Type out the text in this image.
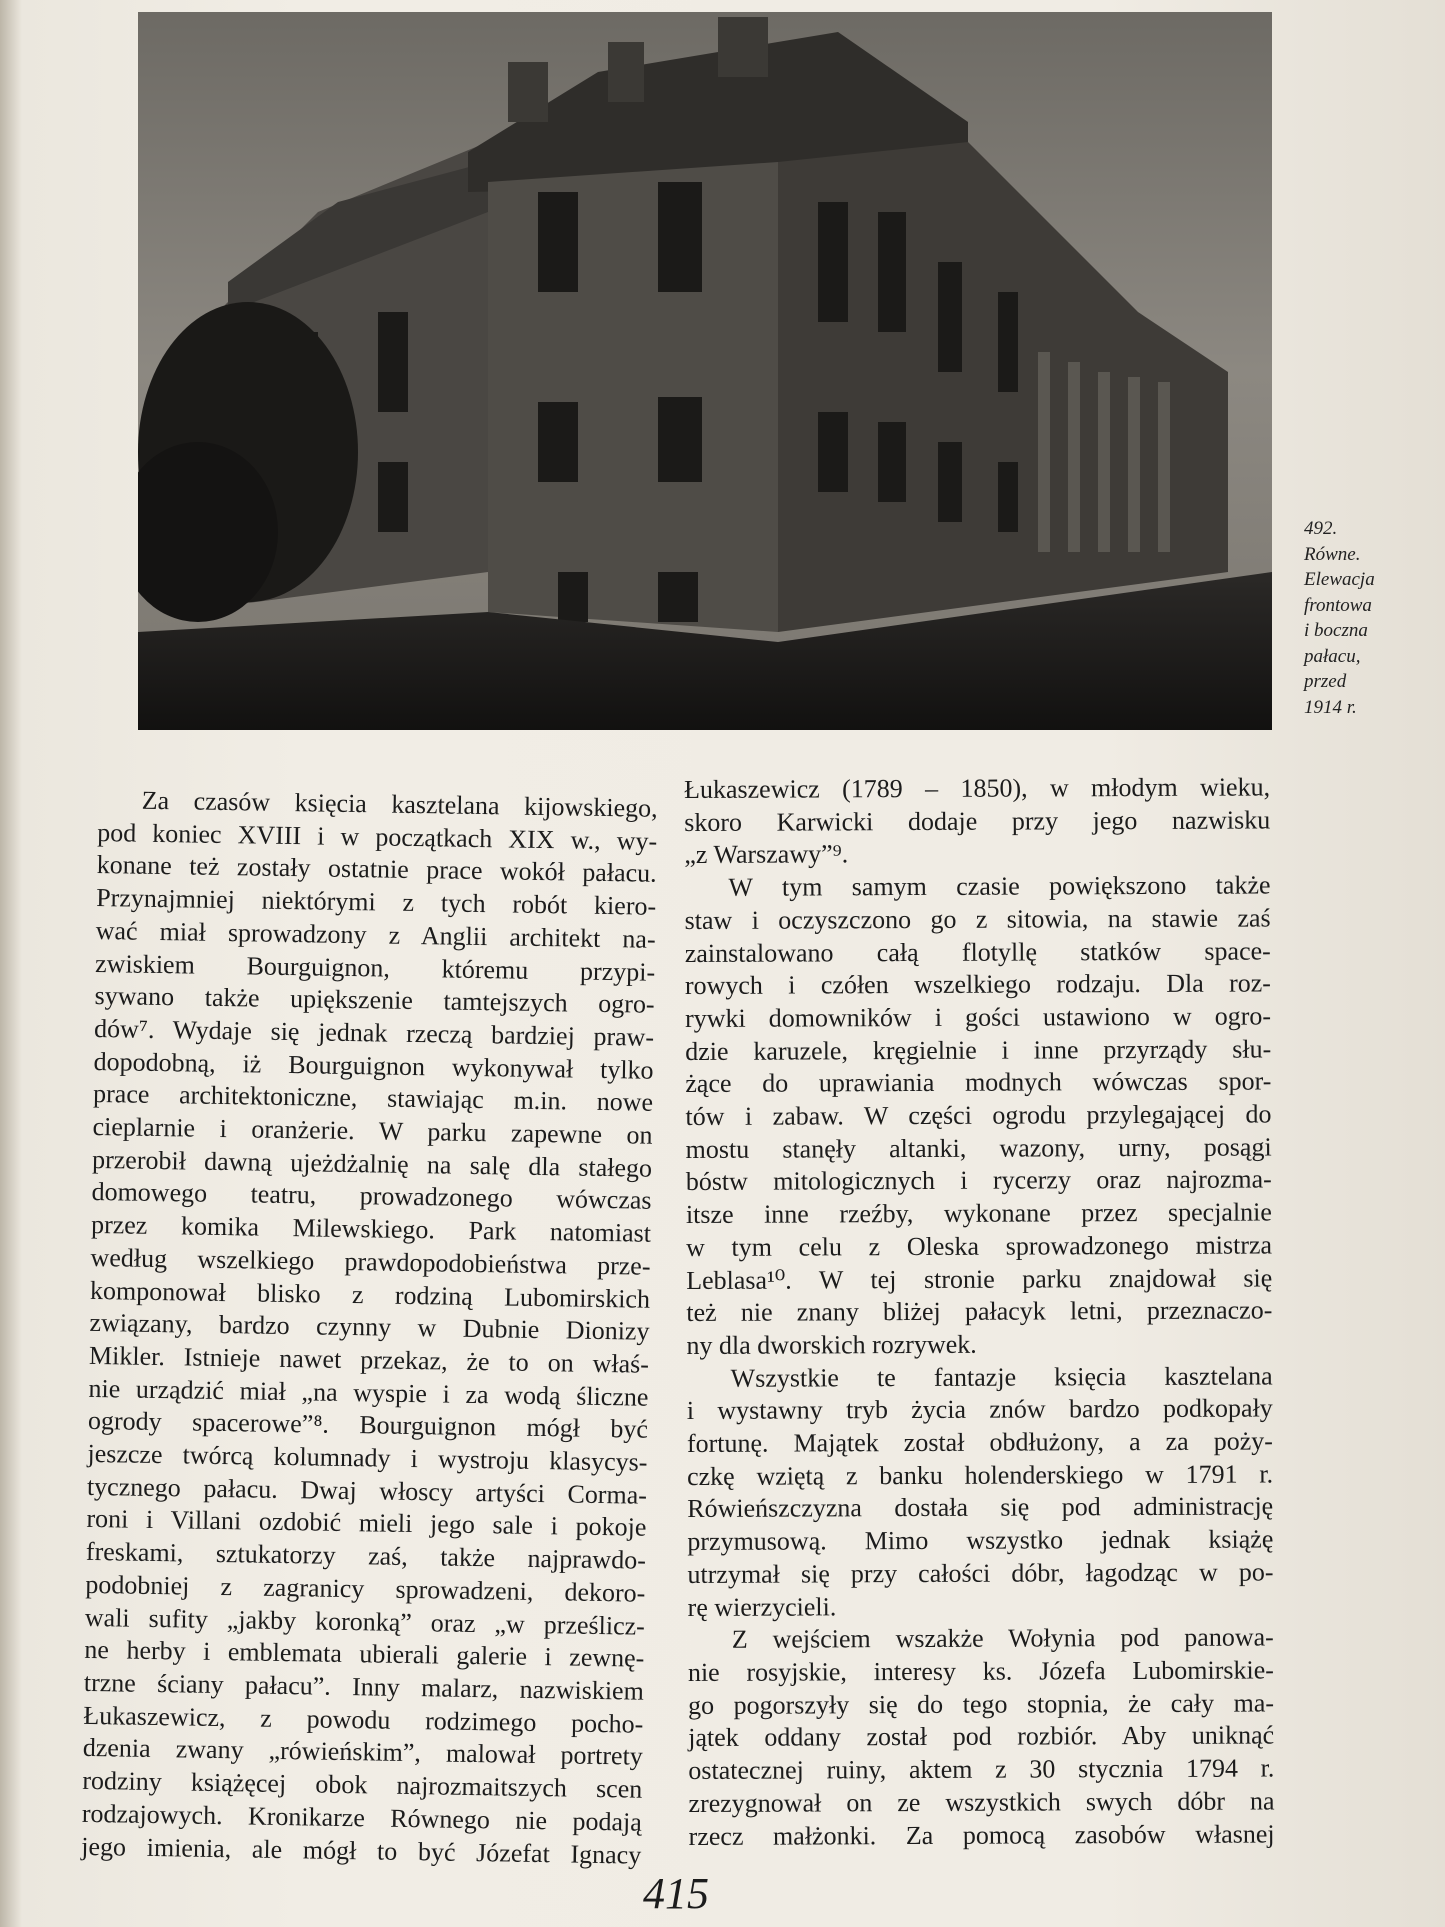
492.
Równe.
Elewacja
frontowa
i boczna
pałacu,
przed
1914 r.
Za czasów księcia kasztelana kijowskiego,
pod koniec XVIII i w początkach XIX w., wy-
konane też zostały ostatnie prace wokół pałacu.
Przynajmniej niektórymi z tych robót kiero-
wać miał sprowadzony z Anglii architekt na-
zwiskiem Bourguignon, któremu przypi-
sywano także upiększenie tamtejszych ogro-
dów⁷. Wydaje się jednak rzeczą bardziej praw-
dopodobną, iż Bourguignon wykonywał tylko
prace architektoniczne, stawiając m.in. nowe
cieplarnie i oranżerie. W parku zapewne on
przerobił dawną ujeżdżalnię na salę dla stałego
domowego teatru, prowadzonego wówczas
przez komika Milewskiego. Park natomiast
według wszelkiego prawdopodobieństwa prze-
komponował blisko z rodziną Lubomirskich
związany, bardzo czynny w Dubnie Dionizy
Mikler. Istnieje nawet przekaz, że to on właś-
nie urządzić miał „na wyspie i za wodą śliczne
ogrody spacerowe”⁸. Bourguignon mógł być
jeszcze twórcą kolumnady i wystroju klasycys-
tycznego pałacu. Dwaj włoscy artyści Corma-
roni i Villani ozdobić mieli jego sale i pokoje
freskami, sztukatorzy zaś, także najprawdo-
podobniej z zagranicy sprowadzeni, dekoro-
wali sufity „jakby koronką” oraz „w prześlicz-
ne herby i emblemata ubierali galerie i zewnę-
trzne ściany pałacu”. Inny malarz, nazwiskiem
Łukaszewicz, z powodu rodzimego pocho-
dzenia zwany „rówieńskim”, malował portrety
rodziny książęcej obok najrozmaitszych scen
rodzajowych. Kronikarze Równego nie podają
jego imienia, ale mógł to być Józefat Ignacy
Łukaszewicz (1789 – 1850), w młodym wieku,
skoro Karwicki dodaje przy jego nazwisku
„z Warszawy”⁹.
W tym samym czasie powiększono także
staw i oczyszczono go z sitowia, na stawie zaś
zainstalowano całą flotyllę statków space-
rowych i czółen wszelkiego rodzaju. Dla roz-
rywki domowników i gości ustawiono w ogro-
dzie karuzele, kręgielnie i inne przyrządy słu-
żące do uprawiania modnych wówczas spor-
tów i zabaw. W części ogrodu przylegającej do
mostu stanęły altanki, wazony, urny, posągi
bóstw mitologicznych i rycerzy oraz najrozma-
itsze inne rzeźby, wykonane przez specjalnie
w tym celu z Oleska sprowadzonego mistrza
Leblasa¹⁰. W tej stronie parku znajdował się
też nie znany bliżej pałacyk letni, przeznaczo-
ny dla dworskich rozrywek.
Wszystkie te fantazje księcia kasztelana
i wystawny tryb życia znów bardzo podkopały
fortunę. Majątek został obdłużony, a za poży-
czkę wziętą z banku holenderskiego w 1791 r.
Rówieńszczyzna dostała się pod administrację
przymusową. Mimo wszystko jednak książę
utrzymał się przy całości dóbr, łagodząc w po-
rę wierzycieli.
Z wejściem wszakże Wołynia pod panowa-
nie rosyjskie, interesy ks. Józefa Lubomirskie-
go pogorszyły się do tego stopnia, że cały ma-
jątek oddany został pod rozbiór. Aby uniknąć
ostatecznej ruiny, aktem z 30 stycznia 1794 r.
zrezygnował on ze wszystkich swych dóbr na
rzecz małżonki. Za pomocą zasobów własnej
415
